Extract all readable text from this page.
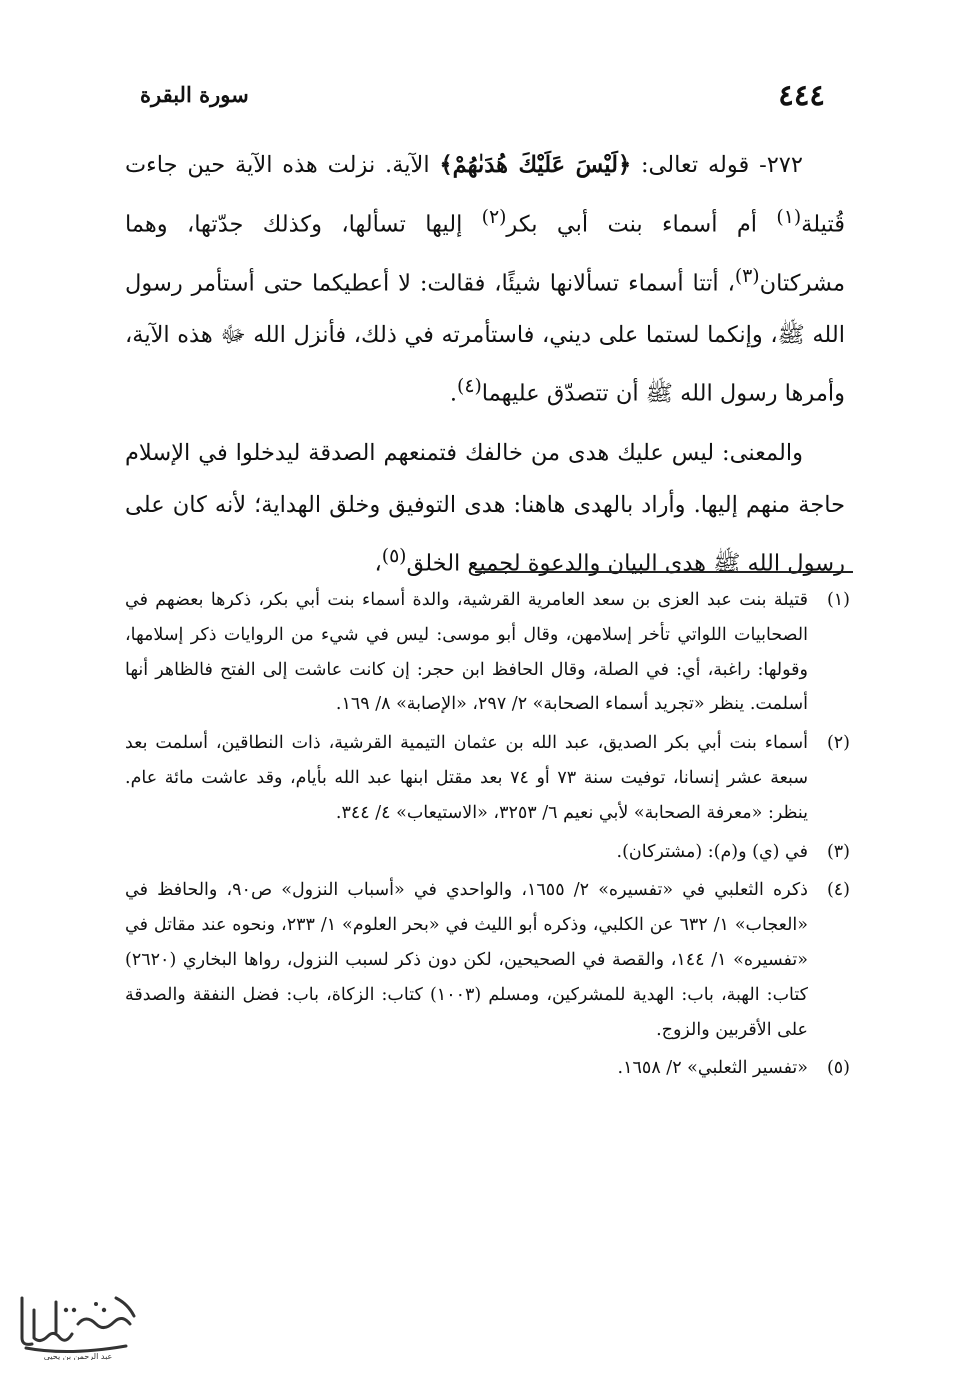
٤٤٤
سورة البقرة

٢٧٢- قوله تعالى: ﴿لَيْسَ عَلَيْكَ هُدَىٰهُمْ﴾ الآية. نزلت هذه الآية حين جاءت قُتيلة$^{(١)}$ أم أسماء بنت أبي بكر$^{(٢)}$ إليها تسألها، وكذلك جدّتها، وهما مشركتان$^{(٣)}$، أتتا أسماء تسألانها شيئًا، فقالت: لا أعطيكما حتى أستأمر رسول الله ﷺ، وإنكما لستما على ديني، فاستأمرته في ذلك، فأنزل الله ﷻ هذه الآية، وأمرها رسول الله ﷺ أن تتصدّق عليهما$^{(٤)}$.

والمعنى: ليس عليك هدى من خالفك فتمنعهم الصدقة ليدخلوا في الإسلام حاجة منهم إليها. وأراد بالهدى هاهنا: هدى التوفيق وخلق الهداية؛ لأنه كان على رسول الله ﷺ هدى البيان والدعوة لجميع الخلق$^{(٥)}$،

(١)
قتيلة بنت عبد العزى بن سعد العامرية القرشية، والدة أسماء بنت أبي بكر، ذكرها بعضهم في الصحابيات اللواتي تأخر إسلامهن، وقال أبو موسى: ليس في شيء من الروايات ذكر إسلامها، وقولها: راغبة، أي: في الصلة، وقال الحافظ ابن حجر: إن كانت عاشت إلى الفتح فالظاهر أنها أسلمت. ينظر «تجريد أسماء الصحابة» ٢/ ٢٩٧، «الإصابة» ٨/ ١٦٩.
(٢)
أسماء بنت أبي بكر الصديق، عبد الله بن عثمان التيمية القرشية، ذات النطاقين، أسلمت بعد سبعة عشر إنسانا، توفيت سنة ٧٣ أو ٧٤ بعد مقتل ابنها عبد الله بأيام، وقد عاشت مائة عام. ينظر: «معرفة الصحابة» لأبي نعيم ٦/ ٣٢٥٣، «الاستيعاب» ٤/ ٣٤٤.
(٣)
في (ي) و(م): (مشتركان).
(٤)
ذكره الثعلبي في «تفسيره» ٢/ ١٦٥٥، والواحدي في «أسباب النزول» ص٩٠، والحافظ في «العجاب» ١/ ٦٣٢ عن الكلبي، وذكره أبو الليث في «بحر العلوم» ١/ ٢٣٣، ونحوه عند مقاتل في «تفسيره» ١/ ١٤٤، والقصة في الصحيحين، لكن دون ذكر لسبب النزول، رواها البخاري (٢٦٢٠) كتاب: الهبة، باب: الهدية للمشركين، ومسلم (١٠٠٣) كتاب: الزكاة، باب: فضل النفقة والصدقة على الأقربين والزوج.
(٥)
«تفسير الثعلبي» ٢/ ١٦٥٨.
عبد الرحمن بن يحيى
